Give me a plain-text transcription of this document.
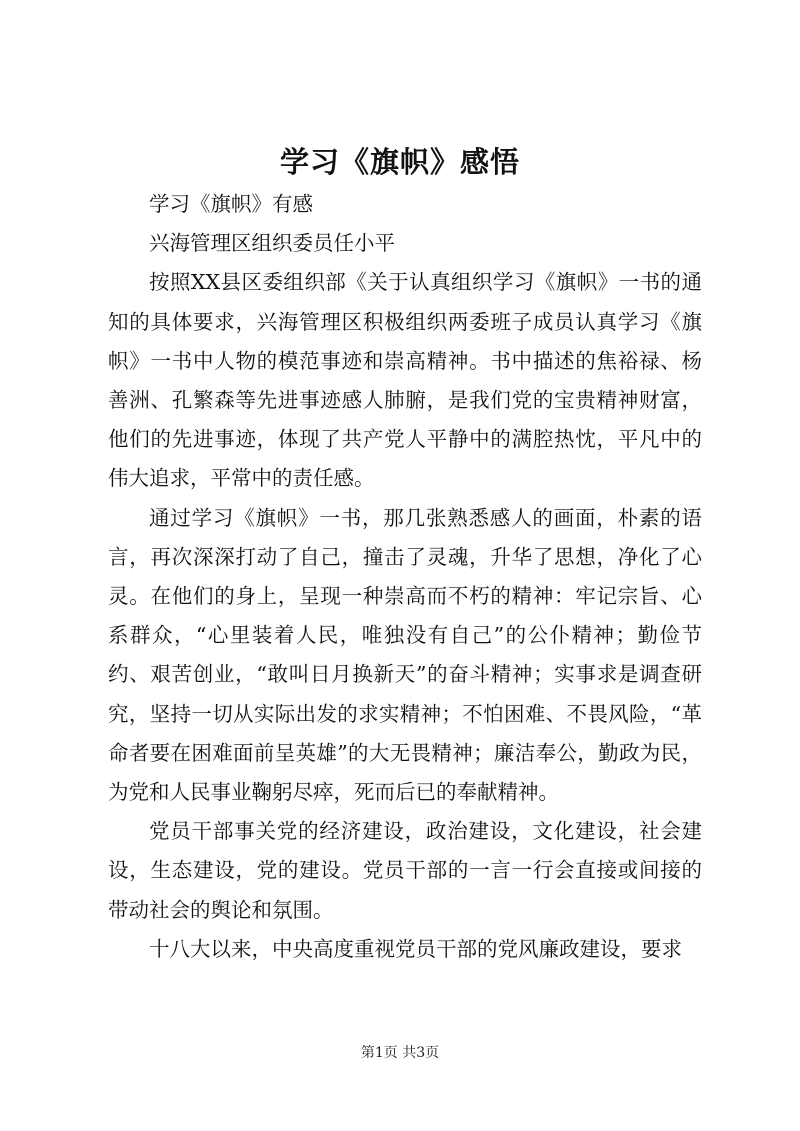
学习《旗帜》感悟

学习《旗帜》有感

兴海管理区组织委员任小平

按照XX县区委组织部《关于认真组织学习《旗帜》一书的通知的具体要求，兴海管理区积极组织两委班子成员认真学习《旗帜》一书中人物的模范事迹和崇高精神。书中描述的焦裕禄、杨善洲、孔繁森等先进事迹感人肺腑，是我们党的宝贵精神财富，他们的先进事迹，体现了共产党人平静中的满腔热忱，平凡中的伟大追求，平常中的责任感。

通过学习《旗帜》一书，那几张熟悉感人的画面，朴素的语言，再次深深打动了自己，撞击了灵魂，升华了思想，净化了心灵。在他们的身上，呈现一种崇高而不朽的精神：牢记宗旨、心系群众，“心里装着人民，唯独没有自己”的公仆精神；勤俭节约、艰苦创业，“敢叫日月换新天”的奋斗精神；实事求是调查研究，坚持一切从实际出发的求实精神；不怕困难、不畏风险，“革命者要在困难面前呈英雄”的大无畏精神；廉洁奉公，勤政为民，为党和人民事业鞠躬尽瘁，死而后已的奉献精神。

党员干部事关党的经济建设，政治建设，文化建设，社会建设，生态建设，党的建设。党员干部的一言一行会直接或间接的带动社会的舆论和氛围。

十八大以来，中央高度重视党员干部的党风廉政建设，要求

第1页 共3页
